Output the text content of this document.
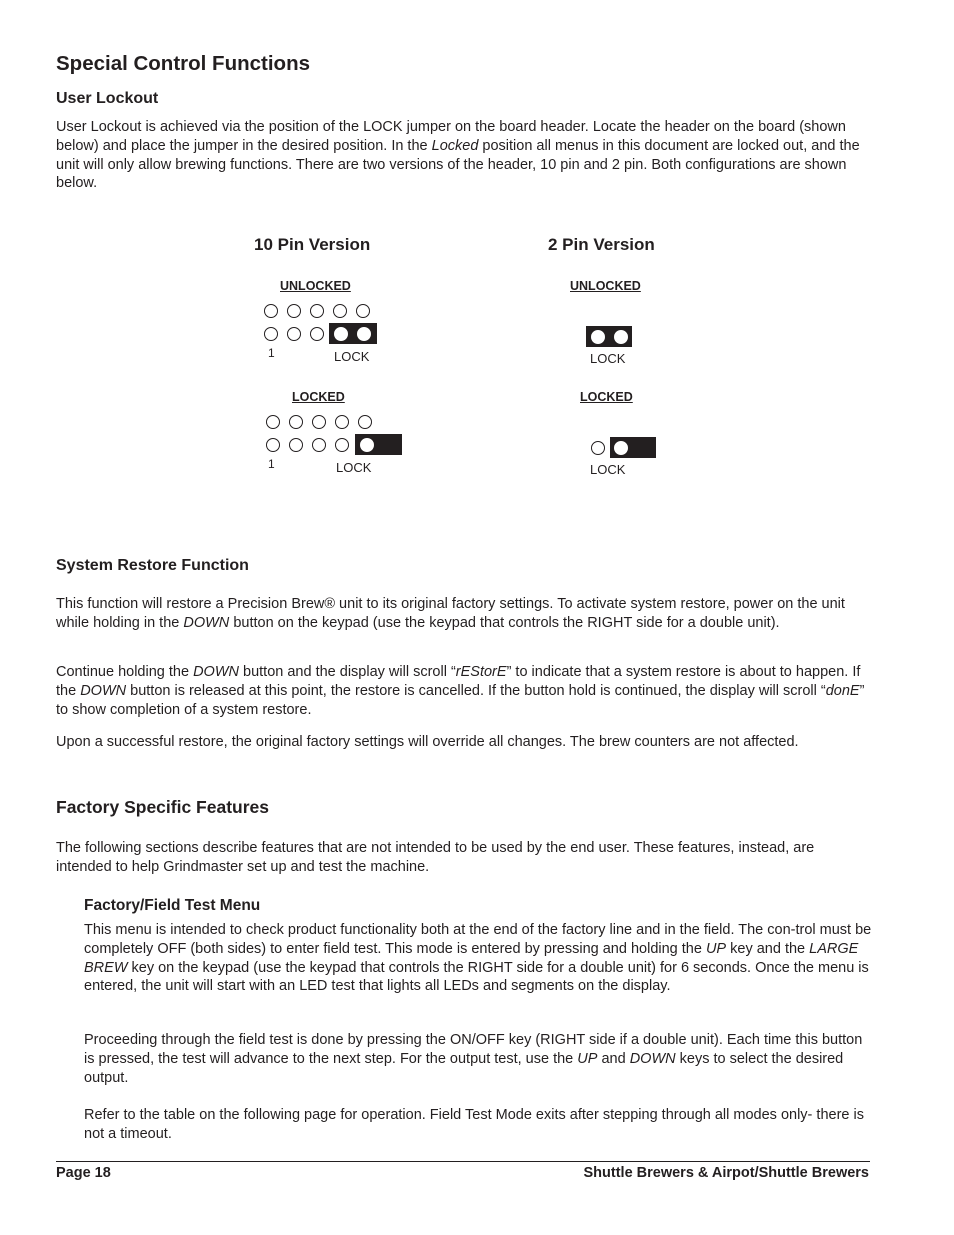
Special Control Functions
User Lockout

User Lockout is achieved via the position of the LOCK jumper on the board header. Locate the header on the board (shown below) and place the jumper in the desired position. In the Locked position all menus in this document are locked out, and the unit will only allow brewing functions. There are two versions of the header, 10 pin and 2 pin. Both configurations are shown below.

10 Pin Version	2 Pin Version
UNLOCKED
LOCKED
UNLOCKED
LOCKED
1	LOCK
1	LOCK
LOCK
LOCK
System Restore Function

This function will restore a Precision Brew® unit to its original factory settings. To activate system restore, power on the unit while holding in the DOWN button on the keypad (use the keypad that controls the RIGHT side for a double unit).

Continue holding the DOWN button and the display will scroll “rEStorE” to indicate that a system restore is about to happen. If the DOWN button is released at this point, the restore is cancelled. If the button hold is continued, the display will scroll “donE” to show completion of a system restore.

Upon a successful restore, the original factory settings will override all changes. The brew counters are not affected.

Factory Specific Features

The following sections describe features that are not intended to be used by the end user. These features, instead, are intended to help Grindmaster set up and test the machine.

Factory/Field Test Menu

This menu is intended to check product functionality both at the end of the factory line and in the field. The con-trol must be completely OFF (both sides) to enter field test. This mode is entered by pressing and holding the UP key and the LARGE BREW key on the keypad (use the keypad that controls the RIGHT side for a double unit) for 6 seconds. Once the menu is entered, the unit will start with an LED test that lights all LEDs and segments on the display.

Proceeding through the field test is done by pressing the ON/OFF key (RIGHT side if a double unit). Each time this button is pressed, the test will advance to the next step. For the output test, use the UP and DOWN keys to select the desired output.

Refer to the table on the following page for operation. Field Test Mode exits after stepping through all modes only- there is not a timeout.

Page 18	Shuttle Brewers & Airpot/Shuttle Brewers
